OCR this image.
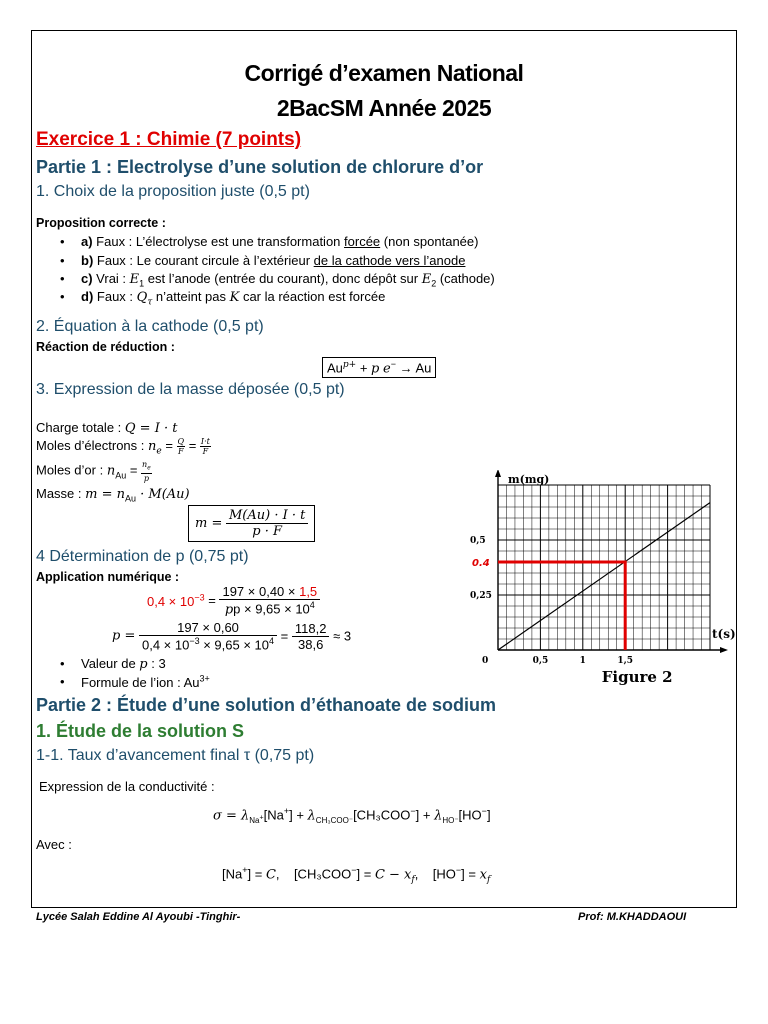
Corrigé d’examen National
2BacSM Année 2025
Exercice 1 : Chimie (7 points)
Partie 1 : Electrolyse d’une solution de chlorure d’or
1. Choix de la proposition juste (0,5 pt)
Proposition correcte :
• a) Faux : L’électrolyse est une transformation forcée (non spontanée)
• b) Faux : Le courant circule à l’extérieur de la cathode vers l’anode
• c) Vrai : $E_1$ est l’anode (entrée du courant), donc dépôt sur $E_2$ (cathode)
• d) Faux : $Q_\tau$ n’atteint pas K car la réaction est forcée
2. Équation à la cathode (0,5 pt)
Réaction de réduction :
$Au^{p+} + p$ e− → Au
3. Expression de la masse déposée (0,5 pt)
Charge totale : Q = I · t
Moles d’électrons : $n_e = \frac{Q}{F} = \frac{I\cdot t}{F}$
Moles d’or : $n_{Au} = \frac{n_e}{p}$
Masse : $m = n_{Au} \cdot M(Au)$
$m = \frac{M(Au) \cdot I \cdot t}{p \cdot F}$
4 Détermination de p (0,75 pt)
Application numérique :
$0,4 \times 10^{-3} = \frac{197 \times 0,40 \times 1,5}{pp \times 9,65 \times 10^4}$
$p = \frac{197 \times 0,60}{0,4 \times 10^{-3} \times 9,65 \times 10^4} = \frac{118,2}{38,6} \approx 3$
• Valeur de p : 3
• Formule de l’ion : $Au^{3+}$
Partie 2 : Étude d’une solution d’éthanoate de sodium
1. Étude de la solution S
1-1. Taux d’avancement final τ (0,75 pt)
Expression de la conductivité :
$\sigma = \lambda_{Na^+}[Na^+] + \lambda_{CH_3COO^-}[CH_3COO^-] + \lambda_{HO^-}[HO^-]$
Avec :
[Na+] = C,    $[CH_3COO^-] = C - x_f$,    $[HO^-] = x_f$
m(mg)
t(s)
0	0,5	1	1,5
0,25
0,5
0.4
Figure 2
Lycée Salah Eddine Al Ayoubi -Tinghir-	Prof: M.KHADDAOUI
